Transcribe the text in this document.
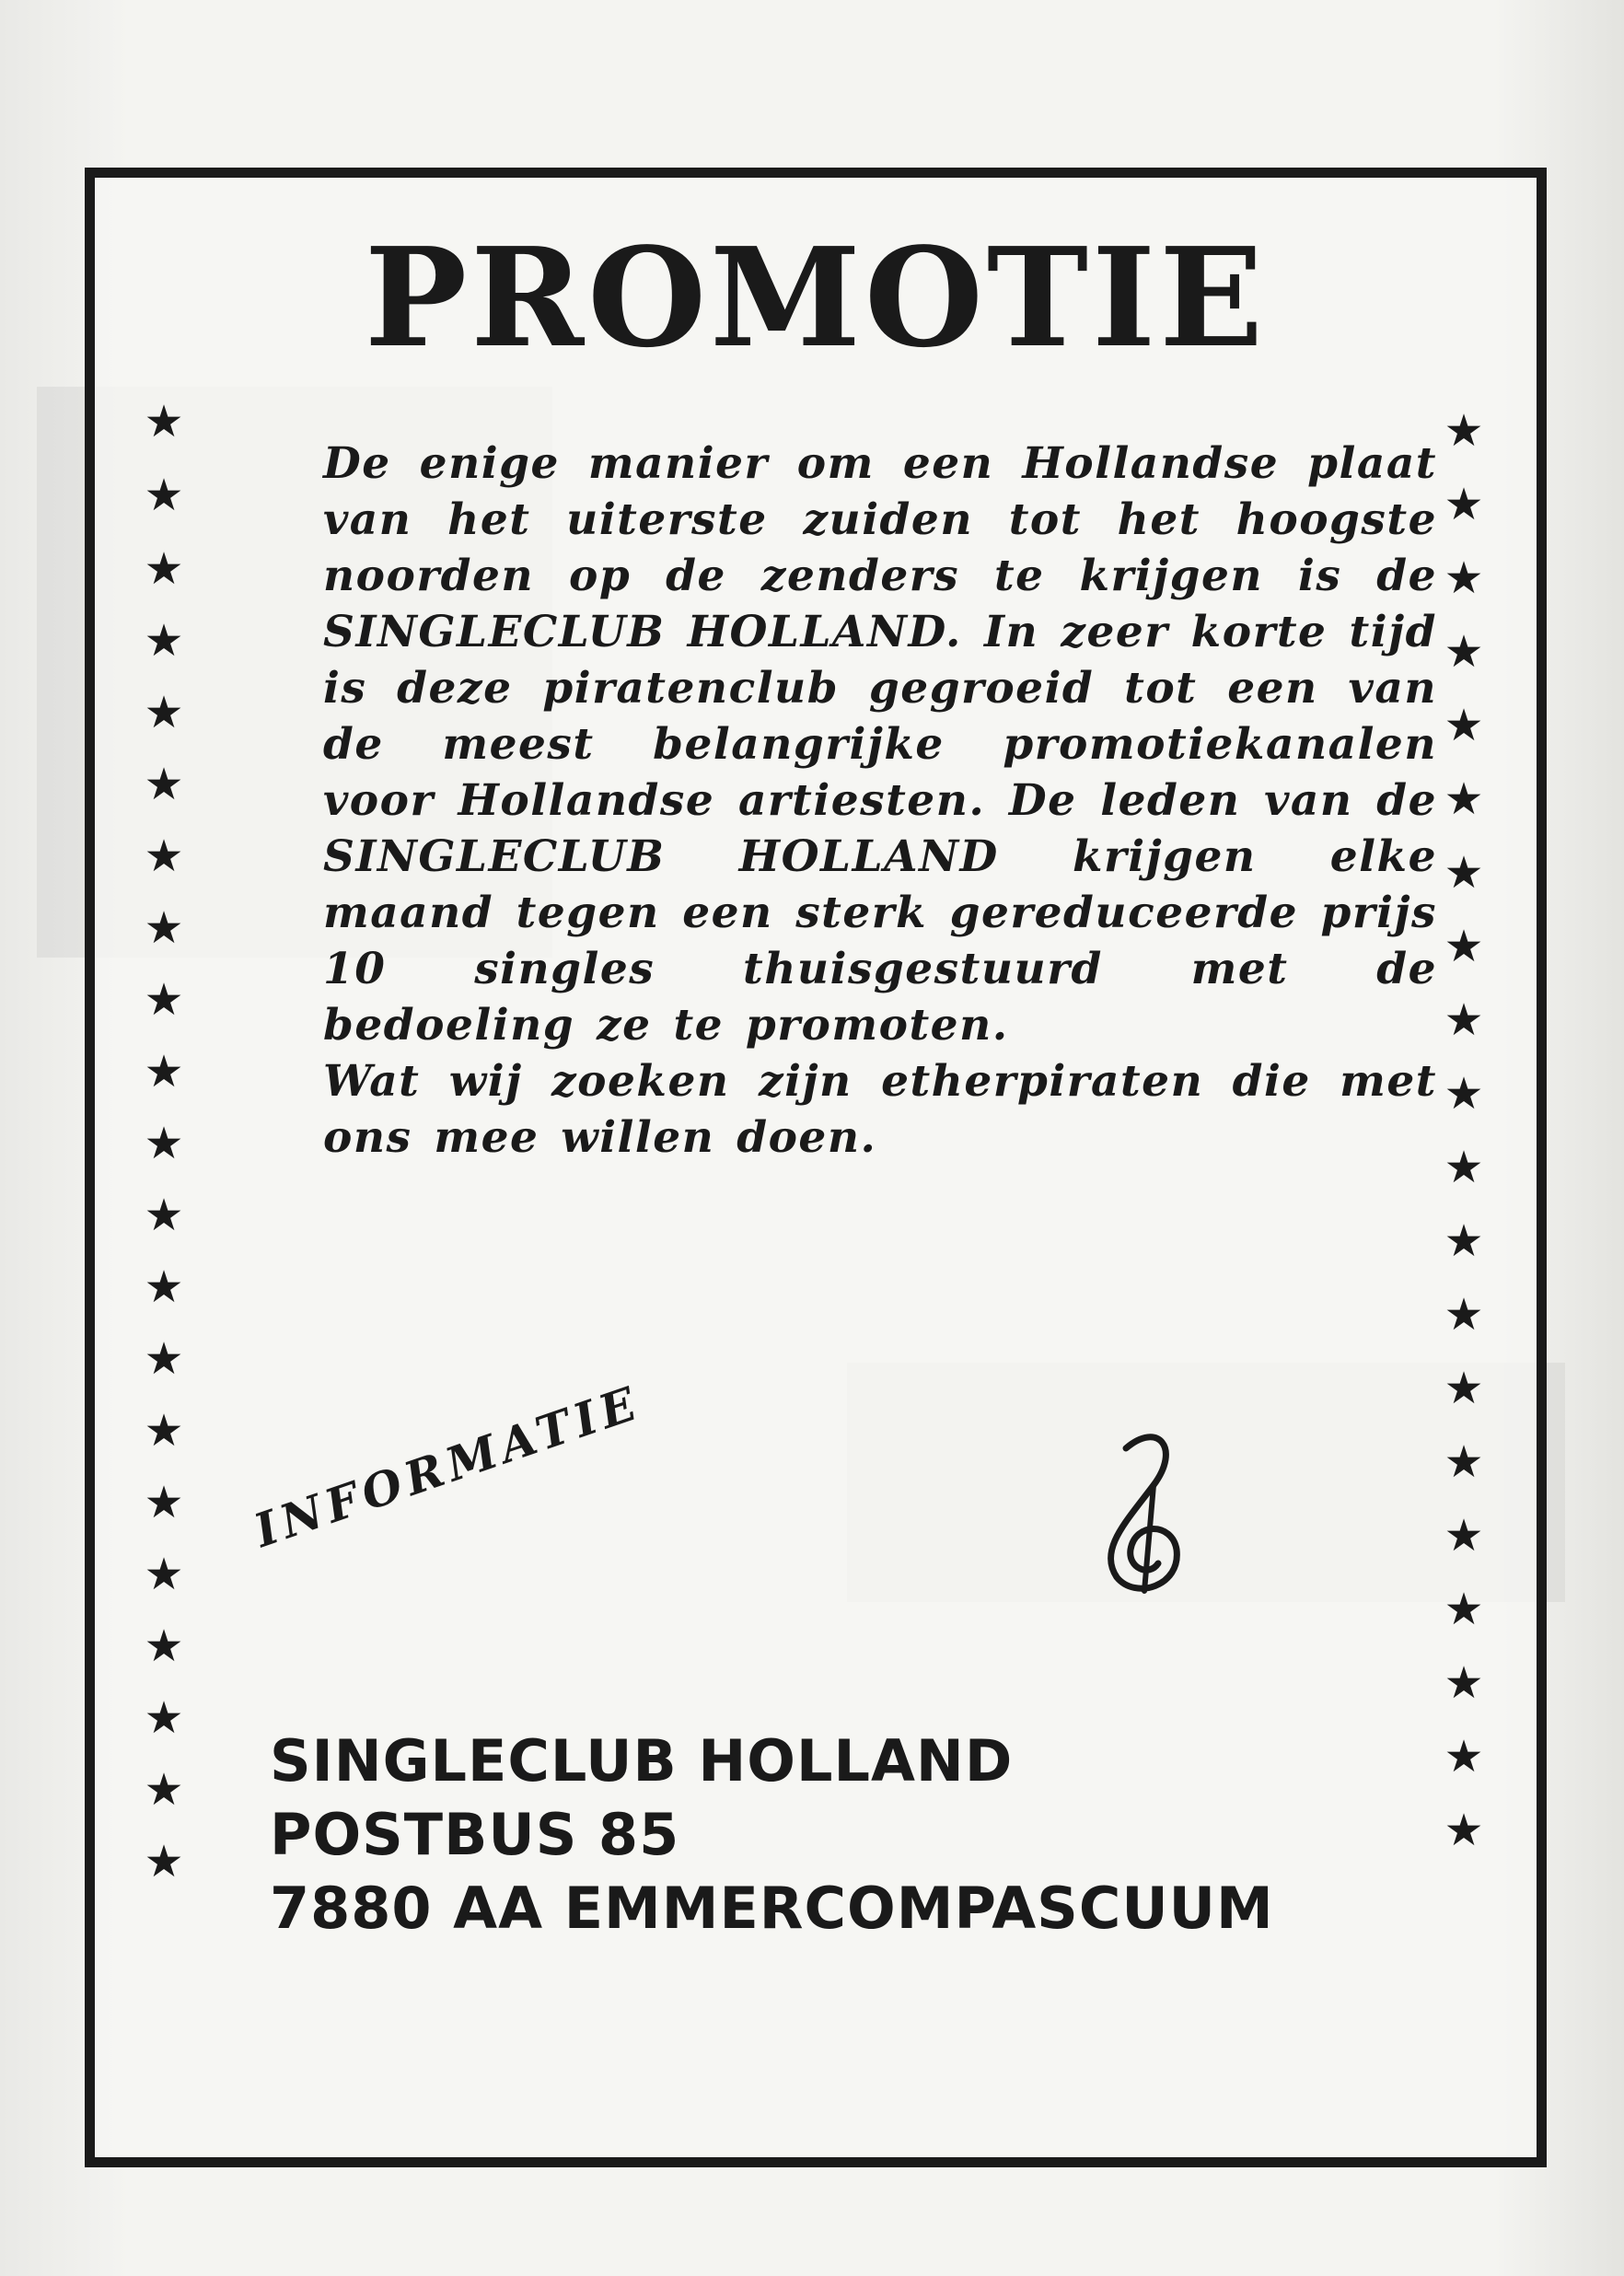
PROMOTIE
★
★
★
★
★
★
★
★
★
★
★
★
★
★
★
★
★
★
★
★
★
★
★
★
★
★
★
★
★
★
★
★
★
★
★
★
★
★
★
★
★

De enige manier om een Hollandse plaat van het uiterste zuiden tot het hoogste noorden op de zenders te krijgen is de SINGLECLUB HOLLAND. In zeer korte tijd is deze piratenclub gegroeid tot een van de meest belangrijke promotiekanalen voor Hollandse artiesten. De leden van de SINGLECLUB HOLLAND krijgen elke maand tegen een sterk gereduceerde prijs 10 singles thuisgestuurd met de bedoeling ze te promoten.

Wat wij zoeken zijn etherpiraten die met ons mee willen doen.

INFORMATIE
SINGLECLUB HOLLAND
POSTBUS 85
7880 AA EMMERCOMPASCUUM
